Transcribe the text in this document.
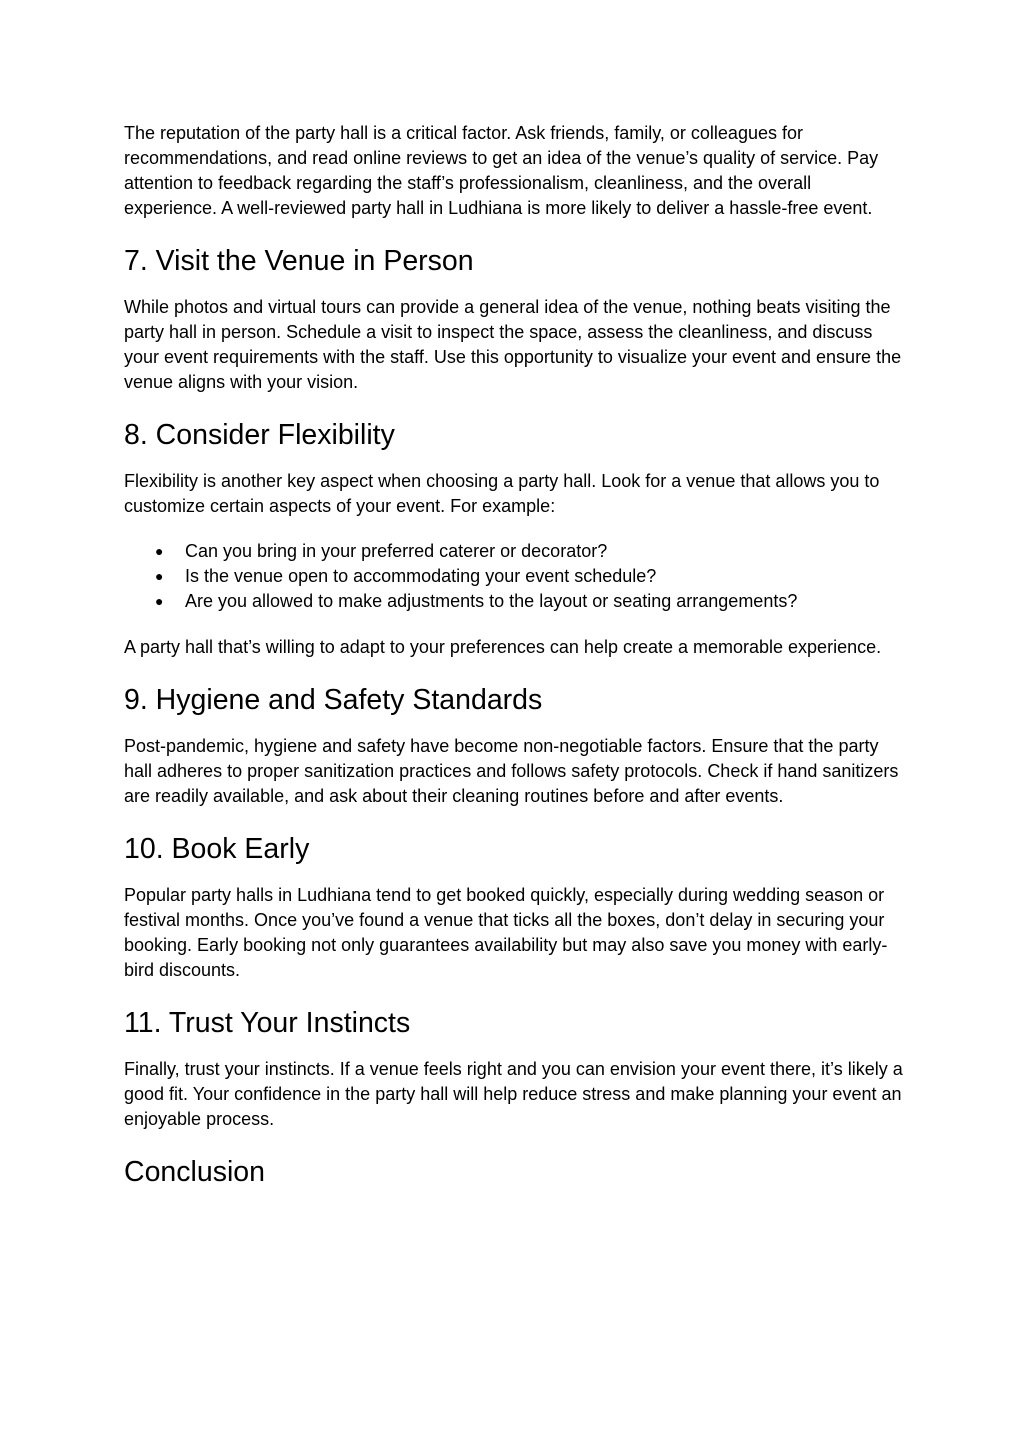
The reputation of the party hall is a critical factor. Ask friends, family, or colleagues for recommendations, and read online reviews to get an idea of the venue’s quality of service. Pay attention to feedback regarding the staff’s professionalism, cleanliness, and the overall experience. A well-reviewed party hall in Ludhiana is more likely to deliver a hassle-free event.

7. Visit the Venue in Person

While photos and virtual tours can provide a general idea of the venue, nothing beats visiting the party hall in person. Schedule a visit to inspect the space, assess the cleanliness, and discuss your event requirements with the staff. Use this opportunity to visualize your event and ensure the venue aligns with your vision.

8. Consider Flexibility

Flexibility is another key aspect when choosing a party hall. Look for a venue that allows you to customize certain aspects of your event. For example:

● Can you bring in your preferred caterer or decorator?
● Is the venue open to accommodating your event schedule?
● Are you allowed to make adjustments to the layout or seating arrangements?

A party hall that’s willing to adapt to your preferences can help create a memorable experience.

9. Hygiene and Safety Standards

Post-pandemic, hygiene and safety have become non-negotiable factors. Ensure that the party hall adheres to proper sanitization practices and follows safety protocols. Check if hand sanitizers are readily available, and ask about their cleaning routines before and after events.

10. Book Early

Popular party halls in Ludhiana tend to get booked quickly, especially during wedding season or festival months. Once you’ve found a venue that ticks all the boxes, don’t delay in securing your booking. Early booking not only guarantees availability but may also save you money with early-bird discounts.

11. Trust Your Instincts

Finally, trust your instincts. If a venue feels right and you can envision your event there, it’s likely a good fit. Your confidence in the party hall will help reduce stress and make planning your event an enjoyable process.

Conclusion
